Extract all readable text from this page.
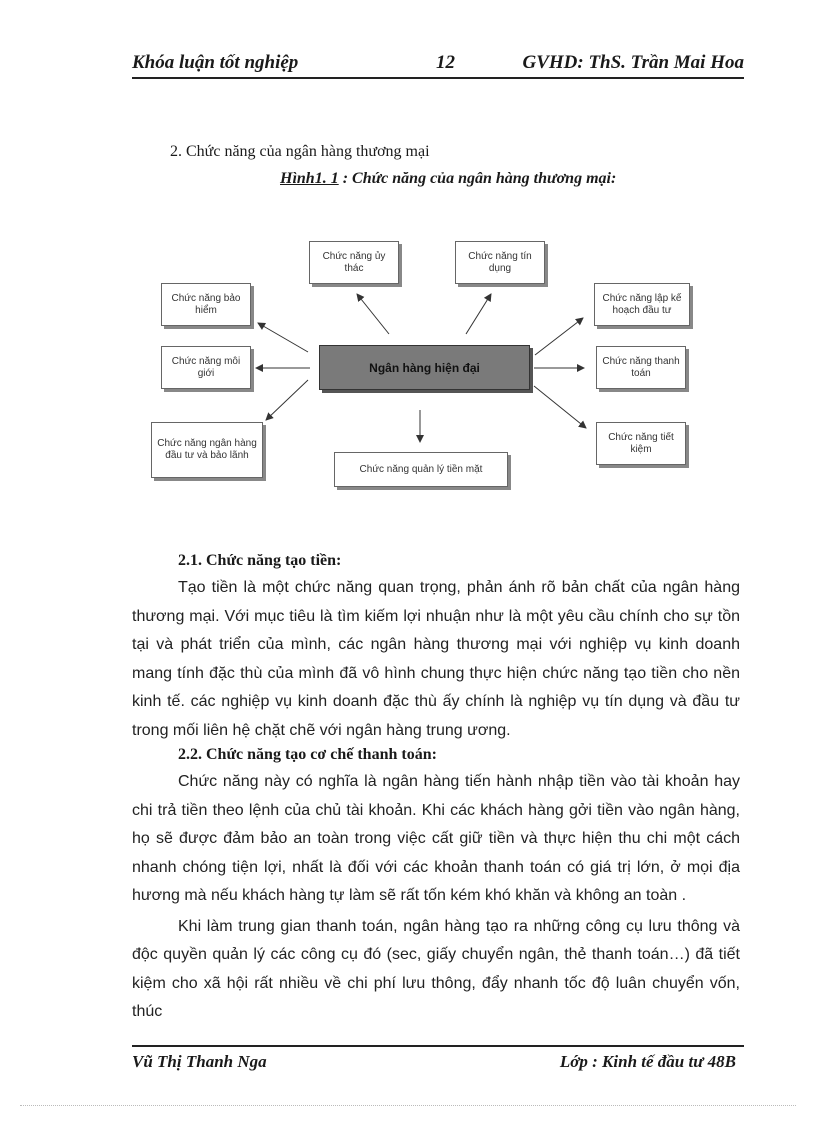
Khóa luận tốt nghiệp	12	GVHD: ThS. Trần Mai Hoa
2. Chức năng của ngân hàng thương mại
Hình1. 1 : Chức năng của ngân hàng thương mại:
Ngân hàng hiện đại
Chức năng ủy thác
Chức năng tín dụng
Chức năng bảo hiểm
Chức năng lập kế hoạch đầu tư
Chức năng môi giới
Chức năng thanh toán
Chức năng ngân hàng đầu tư và bảo lãnh
Chức năng tiết kiệm
Chức năng quản lý tiền mặt
2.1. Chức năng tạo tiền:

Tạo tiền là một chức năng quan trọng, phản ánh rõ bản chất của ngân hàng thương mại. Với mục tiêu là tìm kiếm lợi nhuận như là một yêu cầu chính cho sự tồn tại và phát triển của mình, các ngân hàng thương mại với nghiệp vụ kinh doanh mang tính đặc thù của mình đã vô hình chung thực hiện chức năng tạo tiền cho nền kinh tế. các nghiệp vụ kinh doanh đặc thù ấy chính là nghiệp vụ tín dụng và đầu tư trong mối liên hệ chặt chẽ với ngân hàng trung ương.

2.2. Chức năng tạo cơ chế thanh toán:

Chức năng này có nghĩa là ngân hàng tiến hành nhập tiền vào tài khoản hay chi trả tiền theo lệnh của chủ tài khoản. Khi các khách hàng gởi tiền vào ngân hàng, họ sẽ được đảm bảo an toàn trong việc cất giữ tiền và thực hiện thu chi một cách nhanh chóng tiện lợi, nhất là đối với các khoản thanh toán có giá trị lớn, ở mọi địa hương mà nếu khách hàng tự làm sẽ rất tốn kém khó khăn và không an toàn .

Khi làm trung gian thanh toán, ngân hàng tạo ra những công cụ lưu thông và độc quyền quản lý các công cụ đó (sec, giấy chuyển ngân, thẻ thanh toán…) đã tiết kiệm cho xã hội rất nhiều về chi phí lưu thông, đẩy nhanh tốc độ luân chuyển vốn, thúc

Vũ Thị Thanh Nga	Lớp : Kinh tế đầu tư 48B
